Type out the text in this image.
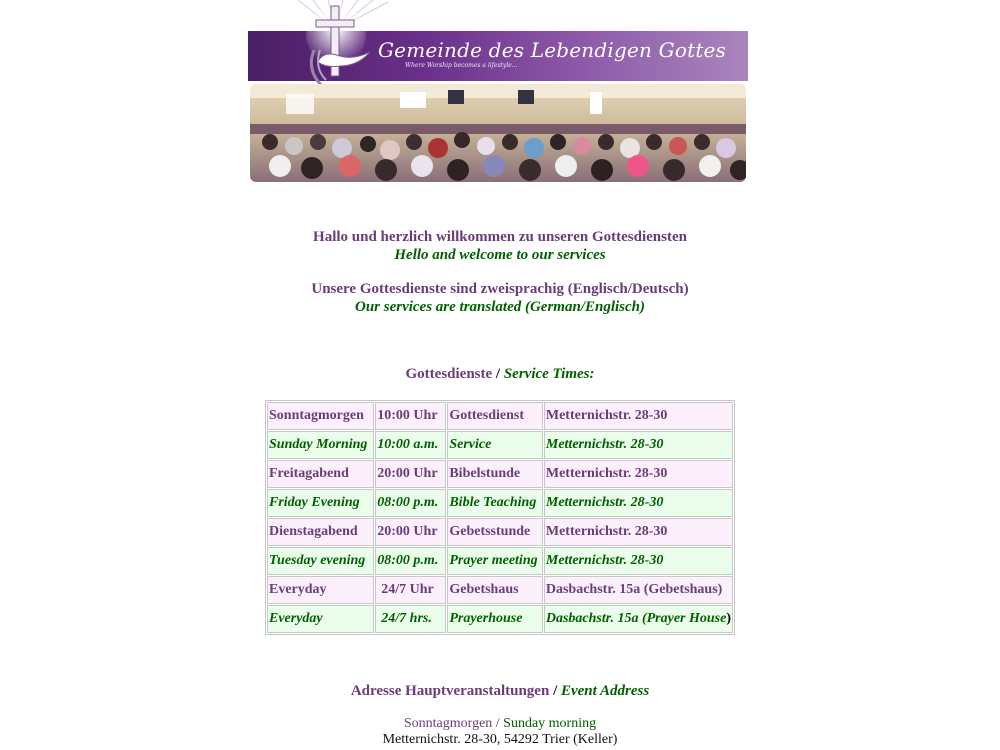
Gemeinde des Lebendigen Gottes
Where Worship becomes a lifestyle...
Hallo und herzlich willkommen zu unseren Gottesdiensten
Hello and welcome to our services
Unsere Gottesdienste sind zweisprachig (Englisch/Deutsch)
Our services are translated (German/Englisch)
Gottesdienste / Service Times:
Sonntagmorgen	10:00 Uhr	Gottesdienst	Metternichstr. 28-30
Sunday Morning	10:00 a.m.	Service	Metternichstr. 28-30
Freitagabend	20:00 Uhr	Bibelstunde	Metternichstr. 28-30
Friday Evening	08:00 p.m.	Bible Teaching	Metternichstr. 28-30
Dienstagabend	20:00 Uhr	Gebetsstunde	Metternichstr. 28-30
Tuesday evening	08:00 p.m.	Prayer meeting	Metternichstr. 28-30
Everyday	24/7 Uhr	Gebetshaus	Dasbachstr. 15a (Gebetshaus)
Everyday	24/7 hrs.	Prayerhouse	Dasbachstr. 15a (Prayer House)
Adresse Hauptveranstaltungen / Event Address
Sonntagmorgen / Sunday morning
Metternichstr. 28-30, 54292 Trier (Keller)
